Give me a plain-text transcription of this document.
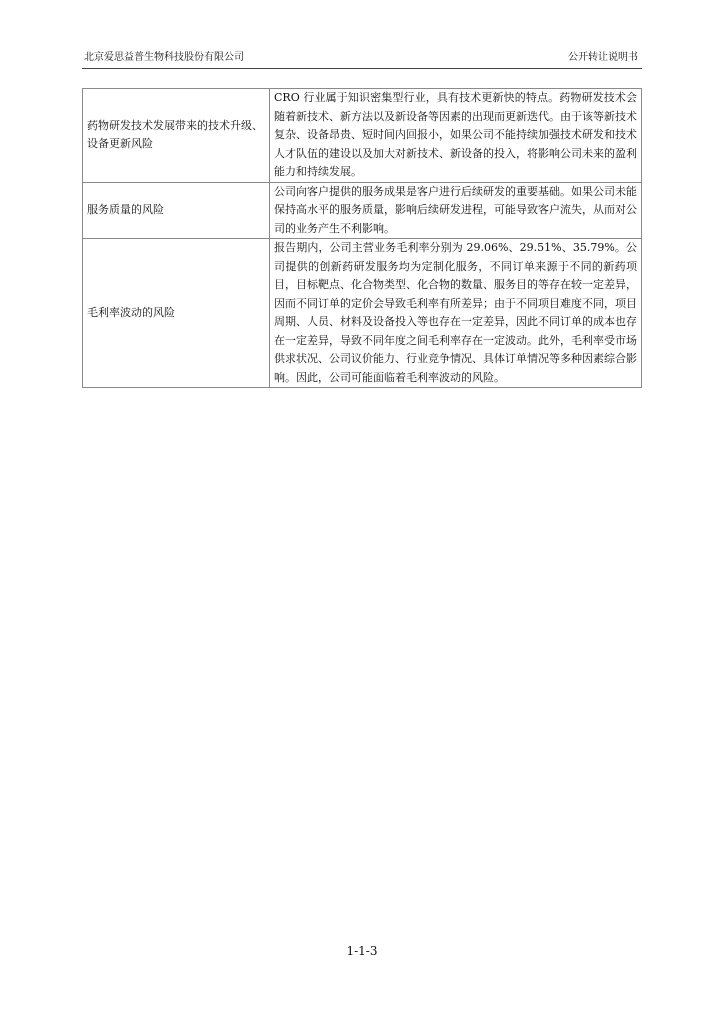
北京爱思益普生物科技股份有限公司	公开转让说明书
药物研发技术发展带来的技术升级、设备更新风险	CRO 行业属于知识密集型行业，具有技术更新快的特点。药物研发技术会随着新技术、新方法以及新设备等因素的出现而更新迭代。由于该等新技术复杂、设备昂贵、短时间内回报小，如果公司不能持续加强技术研发和技术人才队伍的建设以及加大对新技术、新设备的投入，将影响公司未来的盈利能力和持续发展。
服务质量的风险	公司向客户提供的服务成果是客户进行后续研发的重要基础。如果公司未能保持高水平的服务质量，影响后续研发进程，可能导致客户流失，从而对公司的业务产生不利影响。
毛利率波动的风险	报告期内，公司主营业务毛利率分别为 29.06%、29.51%、35.79%。公司提供的创新药研发服务均为定制化服务，不同订单来源于不同的新药项目，目标靶点、化合物类型、化合物的数量、服务目的等存在较一定差异，因而不同订单的定价会导致毛利率有所差异；由于不同项目难度不同，项目周期、人员、材料及设备投入等也存在一定差异，因此不同订单的成本也存在一定差异，导致不同年度之间毛利率存在一定波动。此外，毛利率受市场供求状况、公司议价能力、行业竞争情况、具体订单情况等多种因素综合影响。因此，公司可能面临着毛利率波动的风险。
1-1-3
